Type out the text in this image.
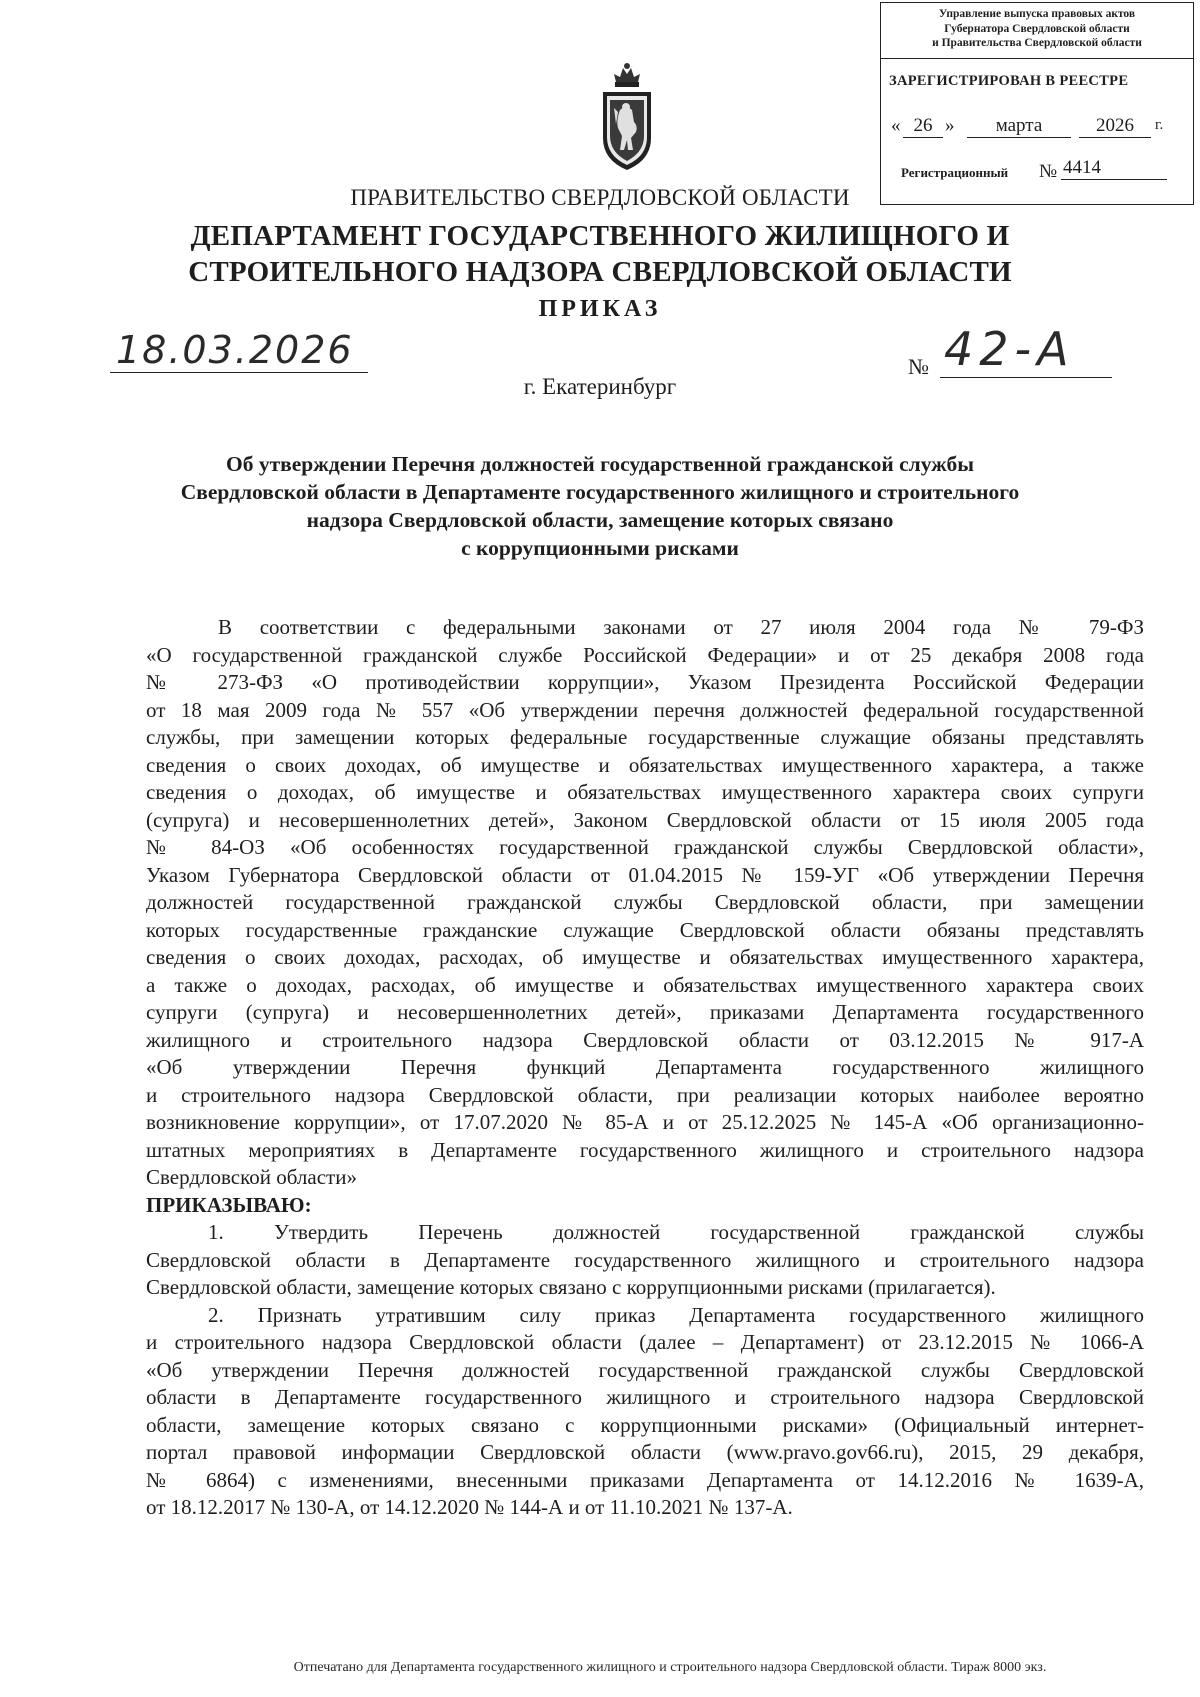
Управление выпуска правовых актов
Губернатора Свердловской области
и Правительства Свердловской области
ЗАРЕГИСТРИРОВАН В РЕЕСТРЕ
« 26 »	марта	2026	г.
Регистрационный № 4414
ПРАВИТЕЛЬСТВО СВЕРДЛОВСКОЙ ОБЛАСТИ
ДЕПАРТАМЕНТ ГОСУДАРСТВЕННОГО ЖИЛИЩНОГО И
СТРОИТЕЛЬНОГО НАДЗОРА СВЕРДЛОВСКОЙ ОБЛАСТИ
ПРИКАЗ
18.03.2026	№ 42-А
г. Екатеринбург
Об утверждении Перечня должностей государственной гражданской службы
Свердловской области в Департаменте государственного жилищного и строительного
надзора Свердловской области, замещение которых связано
с коррупционными рисками
В соответствии с федеральными законами от 27 июля 2004 года № 79-ФЗ
«О государственной гражданской службе Российской Федерации» и от 25 декабря 2008 года
№ 273-ФЗ «О противодействии коррупции», Указом Президента Российской Федерации
от 18 мая 2009 года № 557 «Об утверждении перечня должностей федеральной государственной
службы, при замещении которых федеральные государственные служащие обязаны представлять
сведения о своих доходах, об имуществе и обязательствах имущественного характера, а также
сведения о доходах, об имуществе и обязательствах имущественного характера своих супруги
(супруга) и несовершеннолетних детей», Законом Свердловской области от 15 июля 2005 года
№ 84-ОЗ «Об особенностях государственной гражданской службы Свердловской области»,
Указом Губернатора Свердловской области от 01.04.2015 № 159-УГ «Об утверждении Перечня
должностей государственной гражданской службы Свердловской области, при замещении
которых государственные гражданские служащие Свердловской области обязаны представлять
сведения о своих доходах, расходах, об имуществе и обязательствах имущественного характера,
а также о доходах, расходах, об имуществе и обязательствах имущественного характера своих
супруги (супруга) и несовершеннолетних детей», приказами Департамента государственного
жилищного и строительного надзора Свердловской области от 03.12.2015 № 917-А
«Об утверждении Перечня функций Департамента государственного жилищного
и строительного надзора Свердловской области, при реализации которых наиболее вероятно
возникновение коррупции», от 17.07.2020 № 85-А и от 25.12.2025 № 145-А «Об организационно-
штатных мероприятиях в Департаменте государственного жилищного и строительного надзора
Свердловской области»
ПРИКАЗЫВАЮ:
1. Утвердить Перечень должностей государственной гражданской службы
Свердловской области в Департаменте государственного жилищного и строительного надзора
Свердловской области, замещение которых связано с коррупционными рисками (прилагается).
2. Признать утратившим силу приказ Департамента государственного жилищного
и строительного надзора Свердловской области (далее – Департамент) от 23.12.2015 № 1066-А
«Об утверждении Перечня должностей государственной гражданской службы Свердловской
области в Департаменте государственного жилищного и строительного надзора Свердловской
области, замещение которых связано с коррупционными рисками» (Официальный интернет-
портал правовой информации Свердловской области (www.pravo.gov66.ru), 2015, 29 декабря,
№ 6864) с изменениями, внесенными приказами Департамента от 14.12.2016 № 1639-А,
от 18.12.2017 № 130-А, от 14.12.2020 № 144-А и от 11.10.2021 № 137-А.
Отпечатано для Департамента государственного жилищного и строительного надзора Свердловской области. Тираж 8000 экз.
